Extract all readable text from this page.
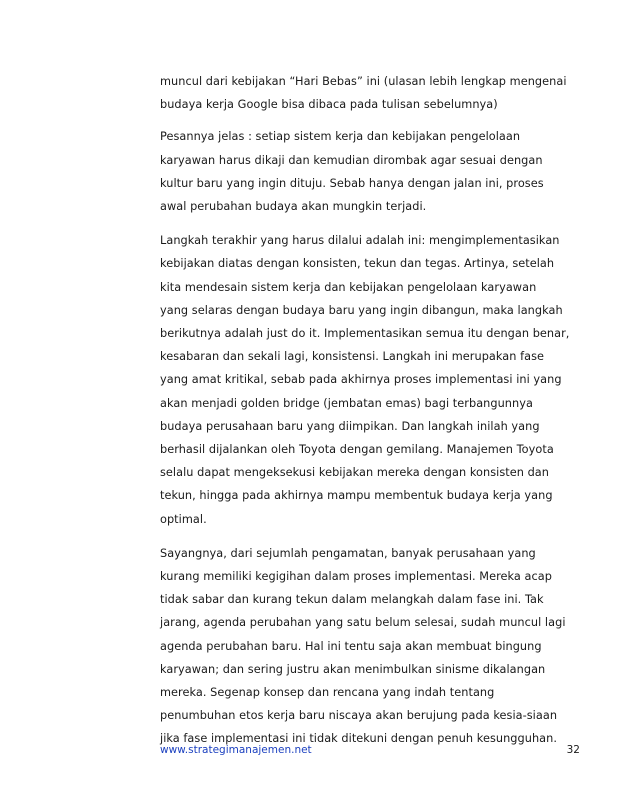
muncul dari kebijakan “Hari Bebas” ini (ulasan lebih lengkap mengenai
budaya kerja Google bisa dibaca pada tulisan sebelumnya)
Pesannya jelas : setiap sistem kerja dan kebijakan pengelolaan
karyawan harus dikaji dan kemudian dirombak agar sesuai dengan
kultur baru yang ingin dituju. Sebab hanya dengan jalan ini, proses
awal perubahan budaya akan mungkin terjadi.
Langkah terakhir yang harus dilalui adalah ini: mengimplementasikan
kebijakan diatas dengan konsisten, tekun dan tegas. Artinya, setelah
kita mendesain sistem kerja dan kebijakan pengelolaan karyawan
yang selaras dengan budaya baru yang ingin dibangun, maka langkah
berikutnya adalah just do it. Implementasikan semua itu dengan benar,
kesabaran dan sekali lagi, konsistensi. Langkah ini merupakan fase
yang amat kritikal, sebab pada akhirnya proses implementasi ini yang
akan menjadi golden bridge (jembatan emas) bagi terbangunnya
budaya perusahaan baru yang diimpikan. Dan langkah inilah yang
berhasil dijalankan oleh Toyota dengan gemilang. Manajemen Toyota
selalu dapat mengeksekusi kebijakan mereka dengan konsisten dan
tekun, hingga pada akhirnya mampu membentuk budaya kerja yang
optimal.
Sayangnya, dari sejumlah pengamatan, banyak perusahaan yang
kurang memiliki kegigihan dalam proses implementasi. Mereka acap
tidak sabar dan kurang tekun dalam melangkah dalam fase ini. Tak
jarang, agenda perubahan yang satu belum selesai, sudah muncul lagi
agenda perubahan baru. Hal ini tentu saja akan membuat bingung
karyawan; dan sering justru akan menimbulkan sinisme dikalangan
mereka. Segenap konsep dan rencana yang indah tentang
penumbuhan etos kerja baru niscaya akan berujung pada kesia-siaan
jika fase implementasi ini tidak ditekuni dengan penuh kesungguhan.
www.strategimanajemen.net	32
